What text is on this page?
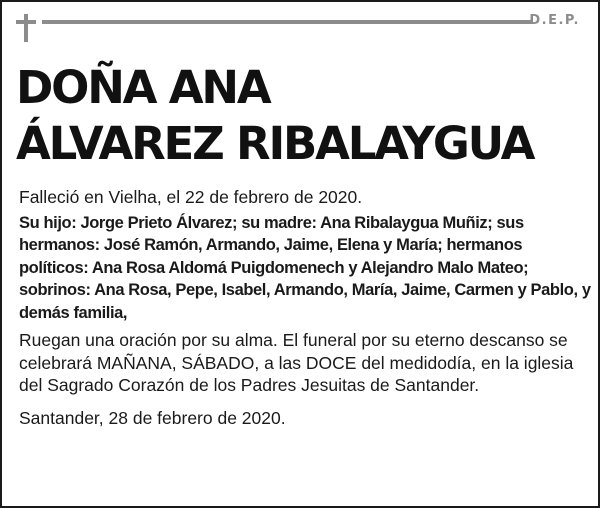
D.E.P.
DOÑA ANA
ÁLVAREZ RIBALAYGUA

Falleció en Vielha, el 22 de febrero de 2020.

Su hijo: Jorge Prieto Álvarez; su madre: Ana Ribalaygua Muñiz; sus hermanos: José Ramón, Armando, Jaime, Elena y María; hermanos políticos: Ana Rosa Aldomá Puigdomenech y Alejandro Malo Mateo; sobrinos: Ana Rosa, Pepe, Isabel, Armando, María, Jaime, Carmen y Pablo, y demás familia,

Ruegan una oración por su alma. El funeral por su eterno descanso se celebrará MAÑANA, SÁBADO, a las DOCE del medidodía, en la iglesia del Sagrado Corazón de los Padres Jesuitas de Santander.

Santander, 28 de febrero de 2020.
